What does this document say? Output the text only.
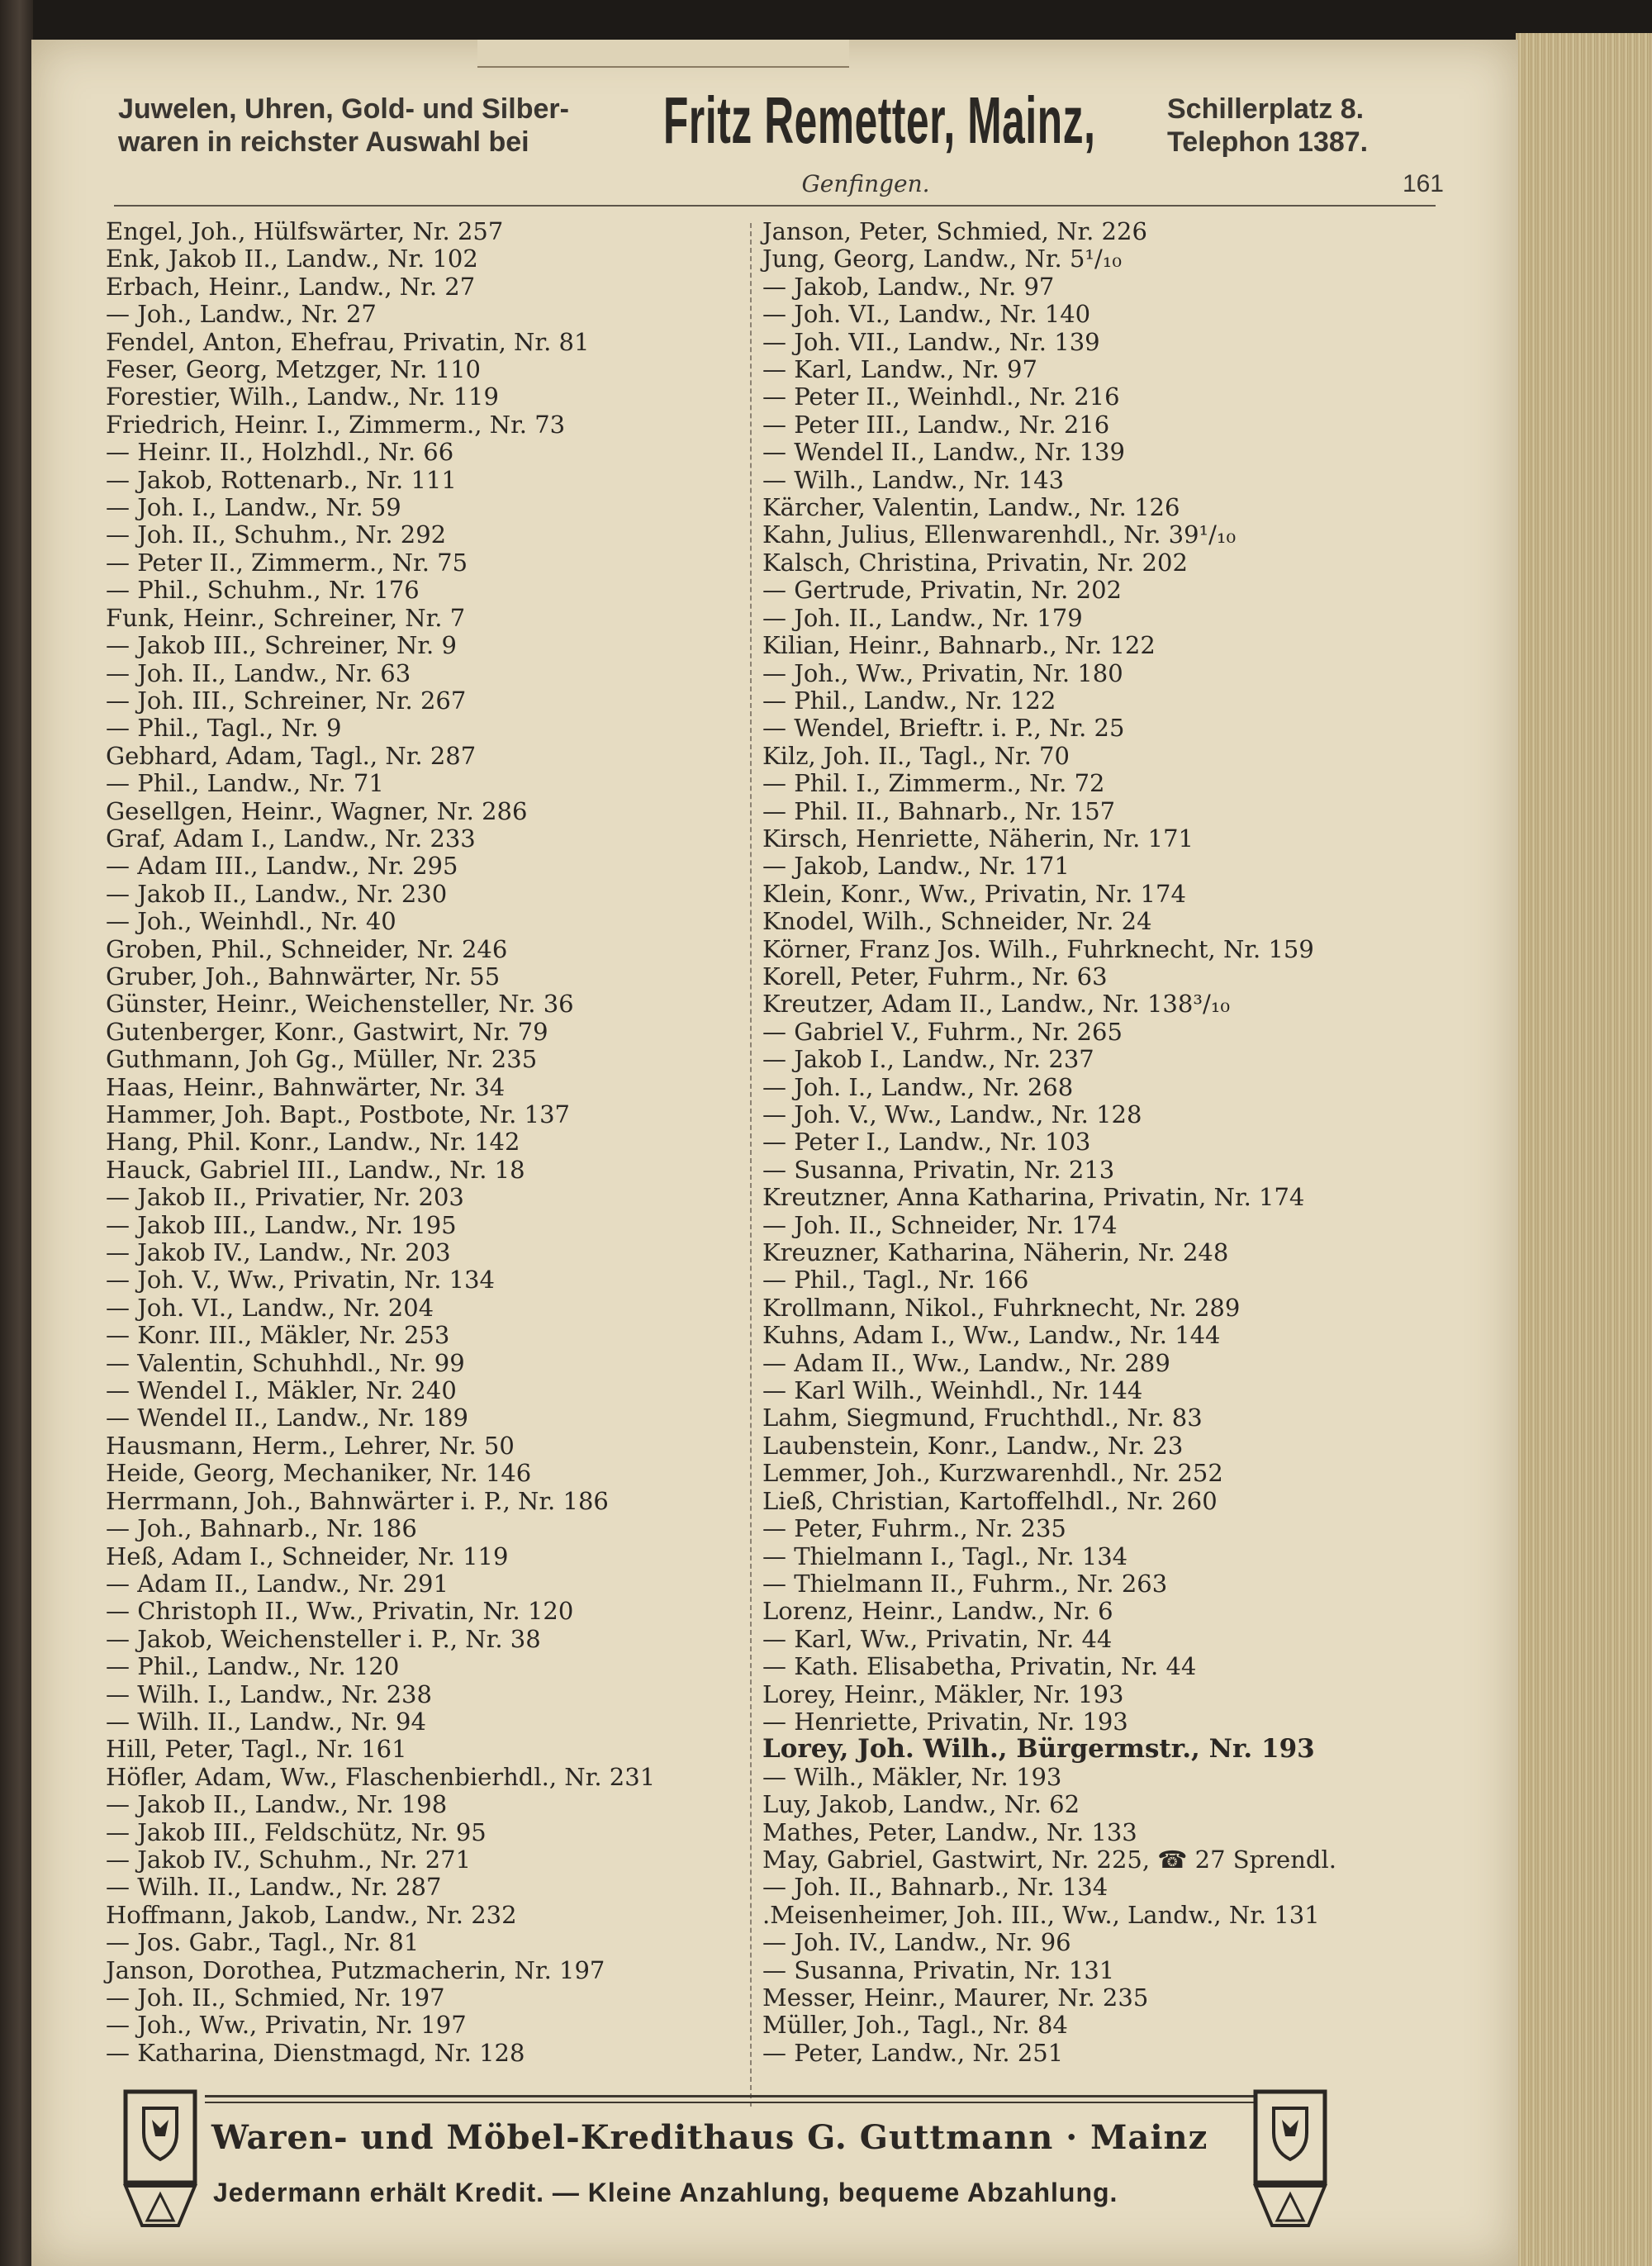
Juwelen, Uhren, Gold- und Silber-
waren in reichster Auswahl bei	Fritz Remetter, Mainz,	Schillerplatz 8.
Telephon 1387.
Genfingen.	161
Engel, Joh., Hülfswärter, Nr. 257
Enk, Jakob II., Landw., Nr. 102
Erbach, Heinr., Landw., Nr. 27
— Joh., Landw., Nr. 27
Fendel, Anton, Ehefrau, Privatin, Nr. 81
Feser, Georg, Metzger, Nr. 110
Forestier, Wilh., Landw., Nr. 119
Friedrich, Heinr. I., Zimmerm., Nr. 73
— Heinr. II., Holzhdl., Nr. 66
— Jakob, Rottenarb., Nr. 111
— Joh. I., Landw., Nr. 59
— Joh. II., Schuhm., Nr. 292
— Peter II., Zimmerm., Nr. 75
— Phil., Schuhm., Nr. 176
Funk, Heinr., Schreiner, Nr. 7
— Jakob III., Schreiner, Nr. 9
— Joh. II., Landw., Nr. 63
— Joh. III., Schreiner, Nr. 267
— Phil., Tagl., Nr. 9
Gebhard, Adam, Tagl., Nr. 287
— Phil., Landw., Nr. 71
Gesellgen, Heinr., Wagner, Nr. 286
Graf, Adam I., Landw., Nr. 233
— Adam III., Landw., Nr. 295
— Jakob II., Landw., Nr. 230
— Joh., Weinhdl., Nr. 40
Groben, Phil., Schneider, Nr. 246
Gruber, Joh., Bahnwärter, Nr. 55
Günster, Heinr., Weichensteller, Nr. 36
Gutenberger, Konr., Gastwirt, Nr. 79
Guthmann, Joh Gg., Müller, Nr. 235
Haas, Heinr., Bahnwärter, Nr. 34
Hammer, Joh. Bapt., Postbote, Nr. 137
Hang, Phil. Konr., Landw., Nr. 142
Hauck, Gabriel III., Landw., Nr. 18
— Jakob II., Privatier, Nr. 203
— Jakob III., Landw., Nr. 195
— Jakob IV., Landw., Nr. 203
— Joh. V., Ww., Privatin, Nr. 134
— Joh. VI., Landw., Nr. 204
— Konr. III., Mäkler, Nr. 253
— Valentin, Schuhhdl., Nr. 99
— Wendel I., Mäkler, Nr. 240
— Wendel II., Landw., Nr. 189
Hausmann, Herm., Lehrer, Nr. 50
Heide, Georg, Mechaniker, Nr. 146
Herrmann, Joh., Bahnwärter i. P., Nr. 186
— Joh., Bahnarb., Nr. 186
Heß, Adam I., Schneider, Nr. 119
— Adam II., Landw., Nr. 291
— Christoph II., Ww., Privatin, Nr. 120
— Jakob, Weichensteller i. P., Nr. 38
— Phil., Landw., Nr. 120
— Wilh. I., Landw., Nr. 238
— Wilh. II., Landw., Nr. 94
Hill, Peter, Tagl., Nr. 161
Höfler, Adam, Ww., Flaschenbierhdl., Nr. 231
— Jakob II., Landw., Nr. 198
— Jakob III., Feldschütz, Nr. 95
— Jakob IV., Schuhm., Nr. 271
— Wilh. II., Landw., Nr. 287
Hoffmann, Jakob, Landw., Nr. 232
— Jos. Gabr., Tagl., Nr. 81
Janson, Dorothea, Putzmacherin, Nr. 197
— Joh. II., Schmied, Nr. 197
— Joh., Ww., Privatin, Nr. 197
— Katharina, Dienstmagd, Nr. 128
Janson, Peter, Schmied, Nr. 226
Jung, Georg, Landw., Nr. 5¹/₁₀
— Jakob, Landw., Nr. 97
— Joh. VI., Landw., Nr. 140
— Joh. VII., Landw., Nr. 139
— Karl, Landw., Nr. 97
— Peter II., Weinhdl., Nr. 216
— Peter III., Landw., Nr. 216
— Wendel II., Landw., Nr. 139
— Wilh., Landw., Nr. 143
Kärcher, Valentin, Landw., Nr. 126
Kahn, Julius, Ellenwarenhdl., Nr. 39¹/₁₀
Kalsch, Christina, Privatin, Nr. 202
— Gertrude, Privatin, Nr. 202
— Joh. II., Landw., Nr. 179
Kilian, Heinr., Bahnarb., Nr. 122
— Joh., Ww., Privatin, Nr. 180
— Phil., Landw., Nr. 122
— Wendel, Brieftr. i. P., Nr. 25
Kilz, Joh. II., Tagl., Nr. 70
— Phil. I., Zimmerm., Nr. 72
— Phil. II., Bahnarb., Nr. 157
Kirsch, Henriette, Näherin, Nr. 171
— Jakob, Landw., Nr. 171
Klein, Konr., Ww., Privatin, Nr. 174
Knodel, Wilh., Schneider, Nr. 24
Körner, Franz Jos. Wilh., Fuhrknecht, Nr. 159
Korell, Peter, Fuhrm., Nr. 63
Kreutzer, Adam II., Landw., Nr. 138³/₁₀
— Gabriel V., Fuhrm., Nr. 265
— Jakob I., Landw., Nr. 237
— Joh. I., Landw., Nr. 268
— Joh. V., Ww., Landw., Nr. 128
— Peter I., Landw., Nr. 103
— Susanna, Privatin, Nr. 213
Kreutzner, Anna Katharina, Privatin, Nr. 174
— Joh. II., Schneider, Nr. 174
Kreuzner, Katharina, Näherin, Nr. 248
— Phil., Tagl., Nr. 166
Krollmann, Nikol., Fuhrknecht, Nr. 289
Kuhns, Adam I., Ww., Landw., Nr. 144
— Adam II., Ww., Landw., Nr. 289
— Karl Wilh., Weinhdl., Nr. 144
Lahm, Siegmund, Fruchthdl., Nr. 83
Laubenstein, Konr., Landw., Nr. 23
Lemmer, Joh., Kurzwarenhdl., Nr. 252
Ließ, Christian, Kartoffelhdl., Nr. 260
— Peter, Fuhrm., Nr. 235
— Thielmann I., Tagl., Nr. 134
— Thielmann II., Fuhrm., Nr. 263
Lorenz, Heinr., Landw., Nr. 6
— Karl, Ww., Privatin, Nr. 44
— Kath. Elisabetha, Privatin, Nr. 44
Lorey, Heinr., Mäkler, Nr. 193
— Henriette, Privatin, Nr. 193
Lorey, Joh. Wilh., Bürgermstr., Nr. 193
— Wilh., Mäkler, Nr. 193
Luy, Jakob, Landw., Nr. 62
Mathes, Peter, Landw., Nr. 133
May, Gabriel, Gastwirt, Nr. 225, ☎ 27 Sprendl.
— Joh. II., Bahnarb., Nr. 134
.Meisenheimer, Joh. III., Ww., Landw., Nr. 131
— Joh. IV., Landw., Nr. 96
— Susanna, Privatin, Nr. 131
Messer, Heinr., Maurer, Nr. 235
Müller, Joh., Tagl., Nr. 84
— Peter, Landw., Nr. 251
Waren- und Möbel-Kredithaus G. Guttmann · Mainz
Jedermann erhält Kredit. — Kleine Anzahlung, bequeme Abzahlung.
